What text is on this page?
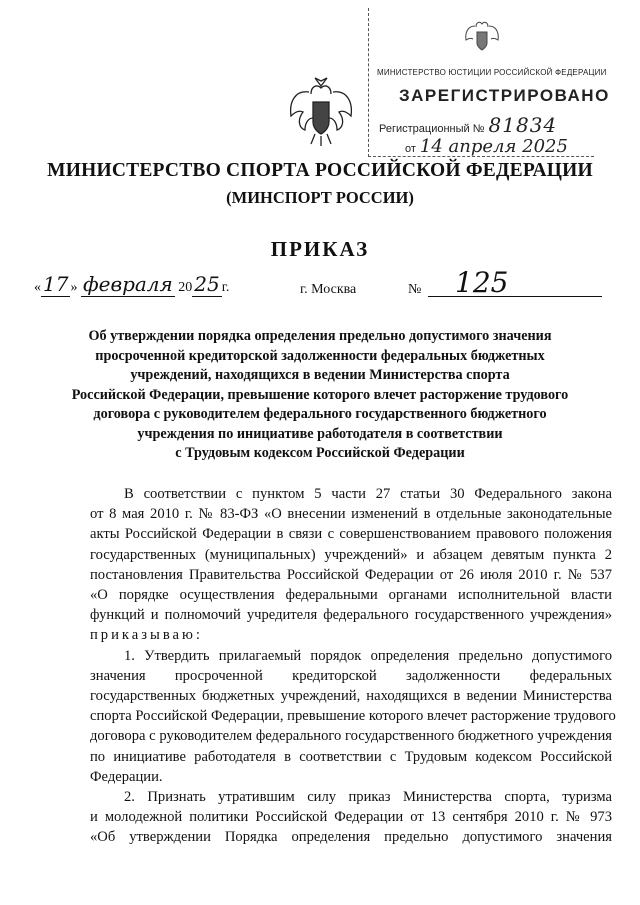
МИНИСТЕРСТВО ЮСТИЦИИ РОССИЙСКОЙ ФЕДЕРАЦИИ
ЗАРЕГИСТРИРОВАНО
Регистрационный № 81834
от 14 апреля 2025
МИНИСТЕРСТВО СПОРТА РОССИЙСКОЙ ФЕДЕРАЦИИ
(МИНСПОРТ РОССИИ)
ПРИКАЗ
« 17 » февраля 20 25 г.	г. Москва	№ 125
Об утверждении порядка определения предельно допустимого значения
просроченной кредиторской задолженности федеральных бюджетных
учреждений, находящихся в ведении Министерства спорта
Российской Федерации, превышение которого влечет расторжение трудового
договора с руководителем федерального государственного бюджетного
учреждения по инициативе работодателя в соответствии
с Трудовым кодексом Российской Федерации
В соответствии с пунктом 5 части 27 статьи 30 Федерального закона
от 8 мая 2010 г. № 83-ФЗ «О внесении изменений в отдельные законодательные
акты Российской Федерации в связи с совершенствованием правового положения
государственных (муниципальных) учреждений» и абзацем девятым пункта 2
постановления Правительства Российской Федерации от 26 июля 2010 г. № 537
«О порядке осуществления федеральными органами исполнительной власти
функций и полномочий учредителя федерального государственного учреждения»
приказываю:
1. Утвердить прилагаемый порядок определения предельно допустимого
значения просроченной кредиторской задолженности федеральных
государственных бюджетных учреждений, находящихся в ведении Министерства
спорта Российской Федерации, превышение которого влечет расторжение трудового
договора с руководителем федерального государственного бюджетного учреждения
по инициативе работодателя в соответствии с Трудовым кодексом Российской
Федерации.
2. Признать утратившим силу приказ Министерства спорта, туризма
и молодежной политики Российской Федерации от 13 сентября 2010 г. № 973
«Об утверждении Порядка определения предельно допустимого значения
